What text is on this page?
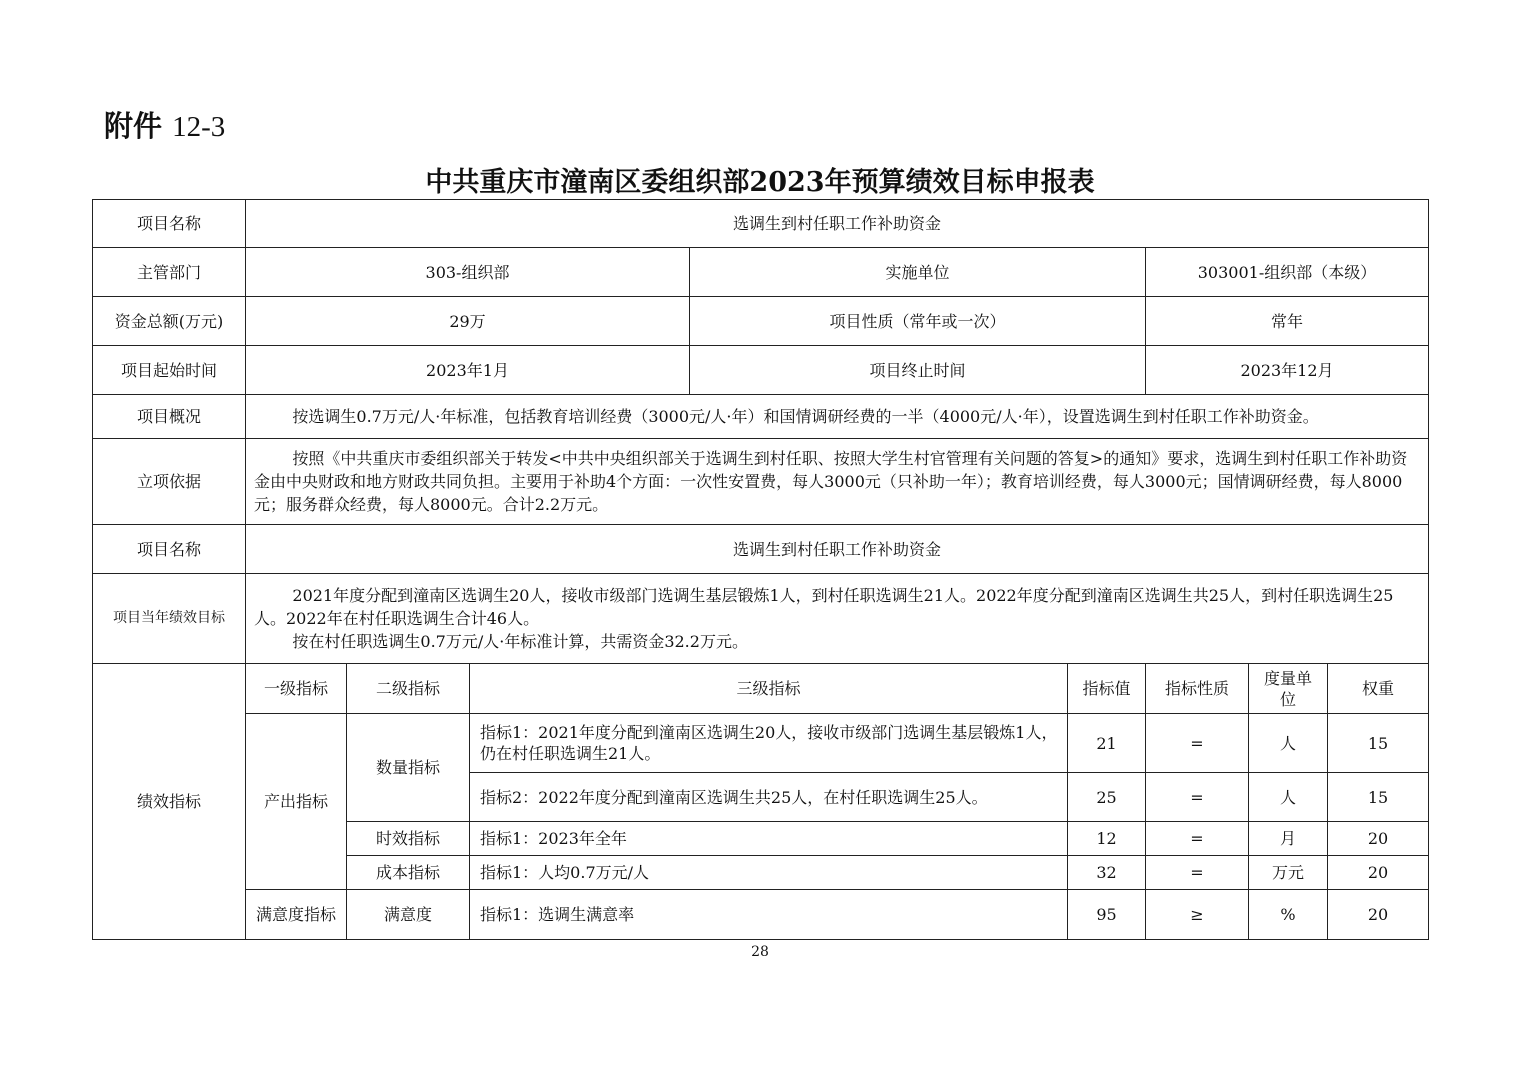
附件 12-3
中共重庆市潼南区委组织部2023年预算绩效目标申报表
项目名称	选调生到村任职工作补助资金							
主管部门	303-组织部			实施单位		303001-组织部（本级）		
资金总额(万元)	29万			项目性质（常年或一次）		常年		
项目起始时间	2023年1月			项目终止时间		2023年12月		
项目概况	按选调生0.7万元/人·年标准，包括教育培训经费（3000元/人·年）和国情调研经费的一半（4000元/人·年），设置选调生到村任职工作补助资金。							

立项依据	按照《中共重庆市委组织部关于转发<中共中央组织部关于选调生到村任职、按照大学生村官管理有关问题的答复>的通知》要求，选调生到村任职工作补助资金由中央财政和地方财政共同负担。主要用于补助4个方面：一次性安置费，每人3000元（只补助一年）；教育培训经费，每人3000元；国情调研经费，每人8000元；服务群众经费，每人8000元。合计2.2万元。							

项目名称	选调生到村任职工作补助资金							
项目当年绩效目标	2021年度分配到潼南区选调生20人，接收市级部门选调生基层锻炼1人，到村任职选调生21人。2022年度分配到潼南区选调生共25人，到村任职选调生25人。2022年在村任职选调生合计46人。

按在村任职选调生0.7万元/人·年标准计算，共需资金32.2万元。							

绩效指标	一级指标	二级指标	三级指标		指标值	指标性质	度量单位	权重
	产出指标	数量指标	指标1：2021年度分配到潼南区选调生20人，接收市级部门选调生基层锻炼1人，仍在村任职选调生21人。		21	=	人	15
			指标2：2022年度分配到潼南区选调生共25人，在村任职选调生25人。		25	=	人	15
		时效指标	指标1：2023年全年		12	=	月	20
		成本指标	指标1：人均0.7万元/人		32	=	万元	20
	满意度指标	满意度	指标1：选调生满意率		95	≥	%	20
28
